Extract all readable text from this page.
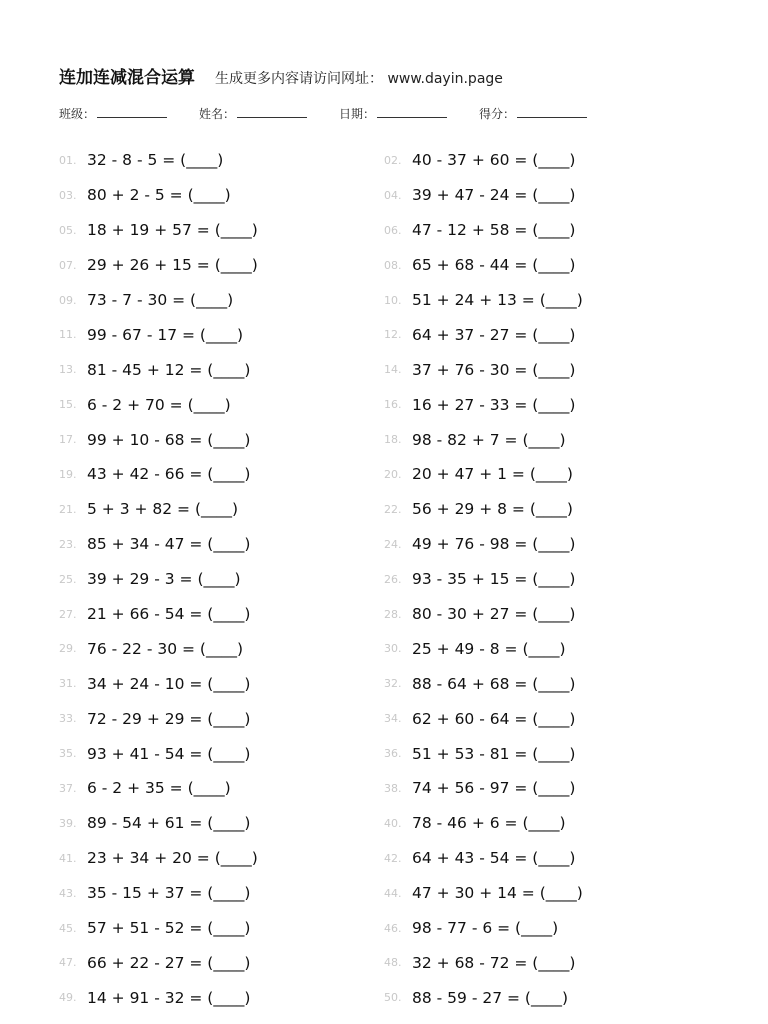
连加连减混合运算 生成更多内容请访问网址： www.dayin.page
班级：	姓名：	日期：	得分：
01. 32 - 8 - 5 = (____)	02. 40 - 37 + 60 = (____)
03. 80 + 2 - 5 = (____)	04. 39 + 47 - 24 = (____)
05. 18 + 19 + 57 = (____)	06. 47 - 12 + 58 = (____)
07. 29 + 26 + 15 = (____)	08. 65 + 68 - 44 = (____)
09. 73 - 7 - 30 = (____)	10. 51 + 24 + 13 = (____)
11. 99 - 67 - 17 = (____)	12. 64 + 37 - 27 = (____)
13. 81 - 45 + 12 = (____)	14. 37 + 76 - 30 = (____)
15. 6 - 2 + 70 = (____)	16. 16 + 27 - 33 = (____)
17. 99 + 10 - 68 = (____)	18. 98 - 82 + 7 = (____)
19. 43 + 42 - 66 = (____)	20. 20 + 47 + 1 = (____)
21. 5 + 3 + 82 = (____)	22. 56 + 29 + 8 = (____)
23. 85 + 34 - 47 = (____)	24. 49 + 76 - 98 = (____)
25. 39 + 29 - 3 = (____)	26. 93 - 35 + 15 = (____)
27. 21 + 66 - 54 = (____)	28. 80 - 30 + 27 = (____)
29. 76 - 22 - 30 = (____)	30. 25 + 49 - 8 = (____)
31. 34 + 24 - 10 = (____)	32. 88 - 64 + 68 = (____)
33. 72 - 29 + 29 = (____)	34. 62 + 60 - 64 = (____)
35. 93 + 41 - 54 = (____)	36. 51 + 53 - 81 = (____)
37. 6 - 2 + 35 = (____)	38. 74 + 56 - 97 = (____)
39. 89 - 54 + 61 = (____)	40. 78 - 46 + 6 = (____)
41. 23 + 34 + 20 = (____)	42. 64 + 43 - 54 = (____)
43. 35 - 15 + 37 = (____)	44. 47 + 30 + 14 = (____)
45. 57 + 51 - 52 = (____)	46. 98 - 77 - 6 = (____)
47. 66 + 22 - 27 = (____)	48. 32 + 68 - 72 = (____)
49. 14 + 91 - 32 = (____)	50. 88 - 59 - 27 = (____)
